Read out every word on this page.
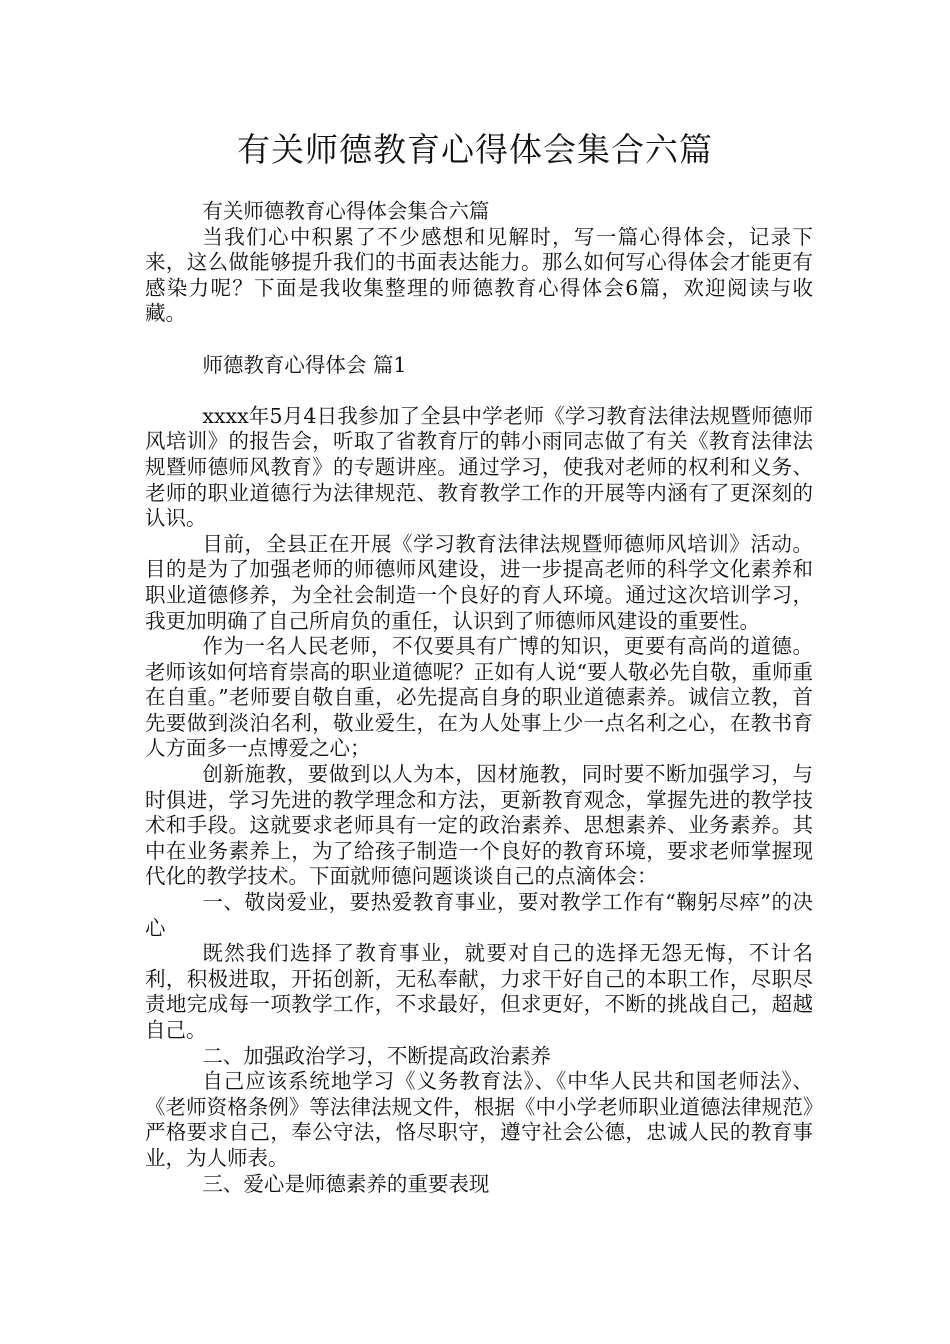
有关师德教育心得体会集合六篇

有关师德教育心得体会集合六篇

当我们心中积累了不少感想和见解时，写一篇心得体会，记录下来，这么做能够提升我们的书面表达能力。那么如何写心得体会才能更有感染力呢？下面是我收集整理的师德教育心得体会6篇，欢迎阅读与收藏。

师德教育心得体会 篇1

xxxx年5月4日我参加了全县中学老师《学习教育法律法规暨师德师风培训》的报告会，听取了省教育厅的韩小雨同志做了有关《教育法律法规暨师德师风教育》的专题讲座。通过学习，使我对老师的权利和义务、老师的职业道德行为法律规范、教育教学工作的开展等内涵有了更深刻的认识。

目前，全县正在开展《学习教育法律法规暨师德师风培训》活动。目的是为了加强老师的师德师风建设，进一步提高老师的科学文化素养和职业道德修养，为全社会制造一个良好的育人环境。通过这次培训学习，我更加明确了自己所肩负的重任，认识到了师德师风建设的重要性。

作为一名人民老师，不仅要具有广博的知识，更要有高尚的道德。老师该如何培育崇高的职业道德呢？正如有人说“要人敬必先自敬，重师重在自重。”老师要自敬自重，必先提高自身的职业道德素养。诚信立教，首先要做到淡泊名利，敬业爱生，在为人处事上少一点名利之心，在教书育人方面多一点博爱之心；

创新施教，要做到以人为本，因材施教，同时要不断加强学习，与时俱进，学习先进的教学理念和方法，更新教育观念，掌握先进的教学技术和手段。这就要求老师具有一定的政治素养、思想素养、业务素养。其中在业务素养上，为了给孩子制造一个良好的教育环境，要求老师掌握现代化的教学技术。下面就师德问题谈谈自己的点滴体会：

一、敬岗爱业，要热爱教育事业，要对教学工作有“鞠躬尽瘁”的决心

既然我们选择了教育事业，就要对自己的选择无怨无悔，不计名利，积极进取，开拓创新，无私奉献，力求干好自己的本职工作，尽职尽责地完成每一项教学工作，不求最好，但求更好，不断的挑战自己，超越自己。

二、加强政治学习，不断提高政治素养

自己应该系统地学习《义务教育法》、《中华人民共和国老师法》、《老师资格条例》等法律法规文件，根据《中小学老师职业道德法律规范》严格要求自己，奉公守法，恪尽职守，遵守社会公德，忠诚人民的教育事业，为人师表。

三、爱心是师德素养的重要表现
